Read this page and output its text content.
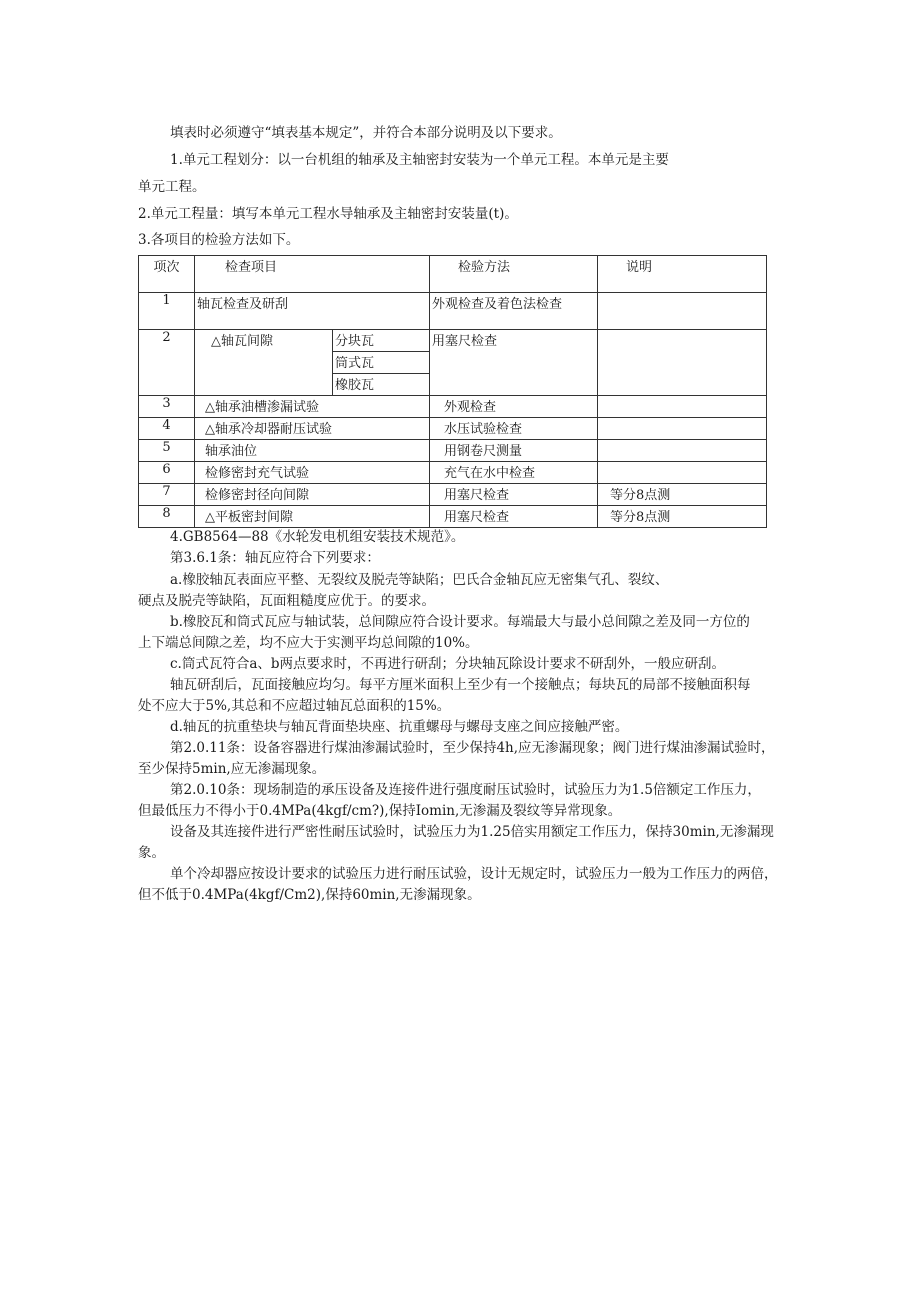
填表时必须遵守“填表基本规定”，并符合本部分说明及以下要求。
1.单元工程划分：以一台机组的轴承及主轴密封安装为一个单元工程。本单元是主要
单元工程。
2.单元工程量：填写本单元工程水导轴承及主轴密封安装量(t)。
3.各项目的检验方法如下。
项次	检查项目		检验方法	说明
1	轴瓦检查及研刮		外观检查及着色法检查	
2	△轴瓦间隙	分块瓦	用塞尺检查	
		筒式瓦		
		橡胶瓦		
3	△轴承油槽渗漏试验		外观检查	
4	△轴承冷却器耐压试验		水压试验检查	
5	轴承油位		用钢卷尺测量	
6	检修密封充气试验		充气在水中检查	
7	检修密封径向间隙		用塞尺检查	等分8点测
8	△平板密封间隙		用塞尺检查	等分8点测
4.GB8564—88《水轮发电机组安装技术规范》。
第3.6.1条：轴瓦应符合下列要求：
a.橡胶轴瓦表面应平整、无裂纹及脱壳等缺陷；巴氏合金轴瓦应无密集气孔、裂纹、
硬点及脱壳等缺陷，瓦面粗糙度应优于。的要求。
b.橡胶瓦和筒式瓦应与轴试装，总间隙应符合设计要求。每端最大与最小总间隙之差及同一方位的
上下端总间隙之差，均不应大于实测平均总间隙的10%。
c.筒式瓦符合a、b两点要求时，不再进行研刮；分块轴瓦除设计要求不研刮外，一般应研刮。
轴瓦研刮后，瓦面接触应均匀。每平方厘米面积上至少有一个接触点；每块瓦的局部不接触面积每
处不应大于5%,其总和不应超过轴瓦总面积的15%。
d.轴瓦的抗重垫块与轴瓦背面垫块座、抗重螺母与螺母支座之间应接触严密。
第2.0.11条：设备容器进行煤油渗漏试验时，至少保持4h,应无渗漏现象；阀门进行煤油渗漏试验时，
至少保持5min,应无渗漏现象。
第2.0.10条：现场制造的承压设备及连接件进行强度耐压试验时，试验压力为1.5倍额定工作压力，
但最低压力不得小于0.4MPa(4kgf/cm?),保持Iomin,无渗漏及裂纹等异常现象。
设备及其连接件进行严密性耐压试验时，试验压力为1.25倍实用额定工作压力，保持30min,无渗漏现
象。
单个冷却器应按设计要求的试验压力进行耐压试验，设计无规定时，试验压力一般为工作压力的两倍，
但不低于0.4MPa(4kgf/Cm2),保持60min,无渗漏现象。
